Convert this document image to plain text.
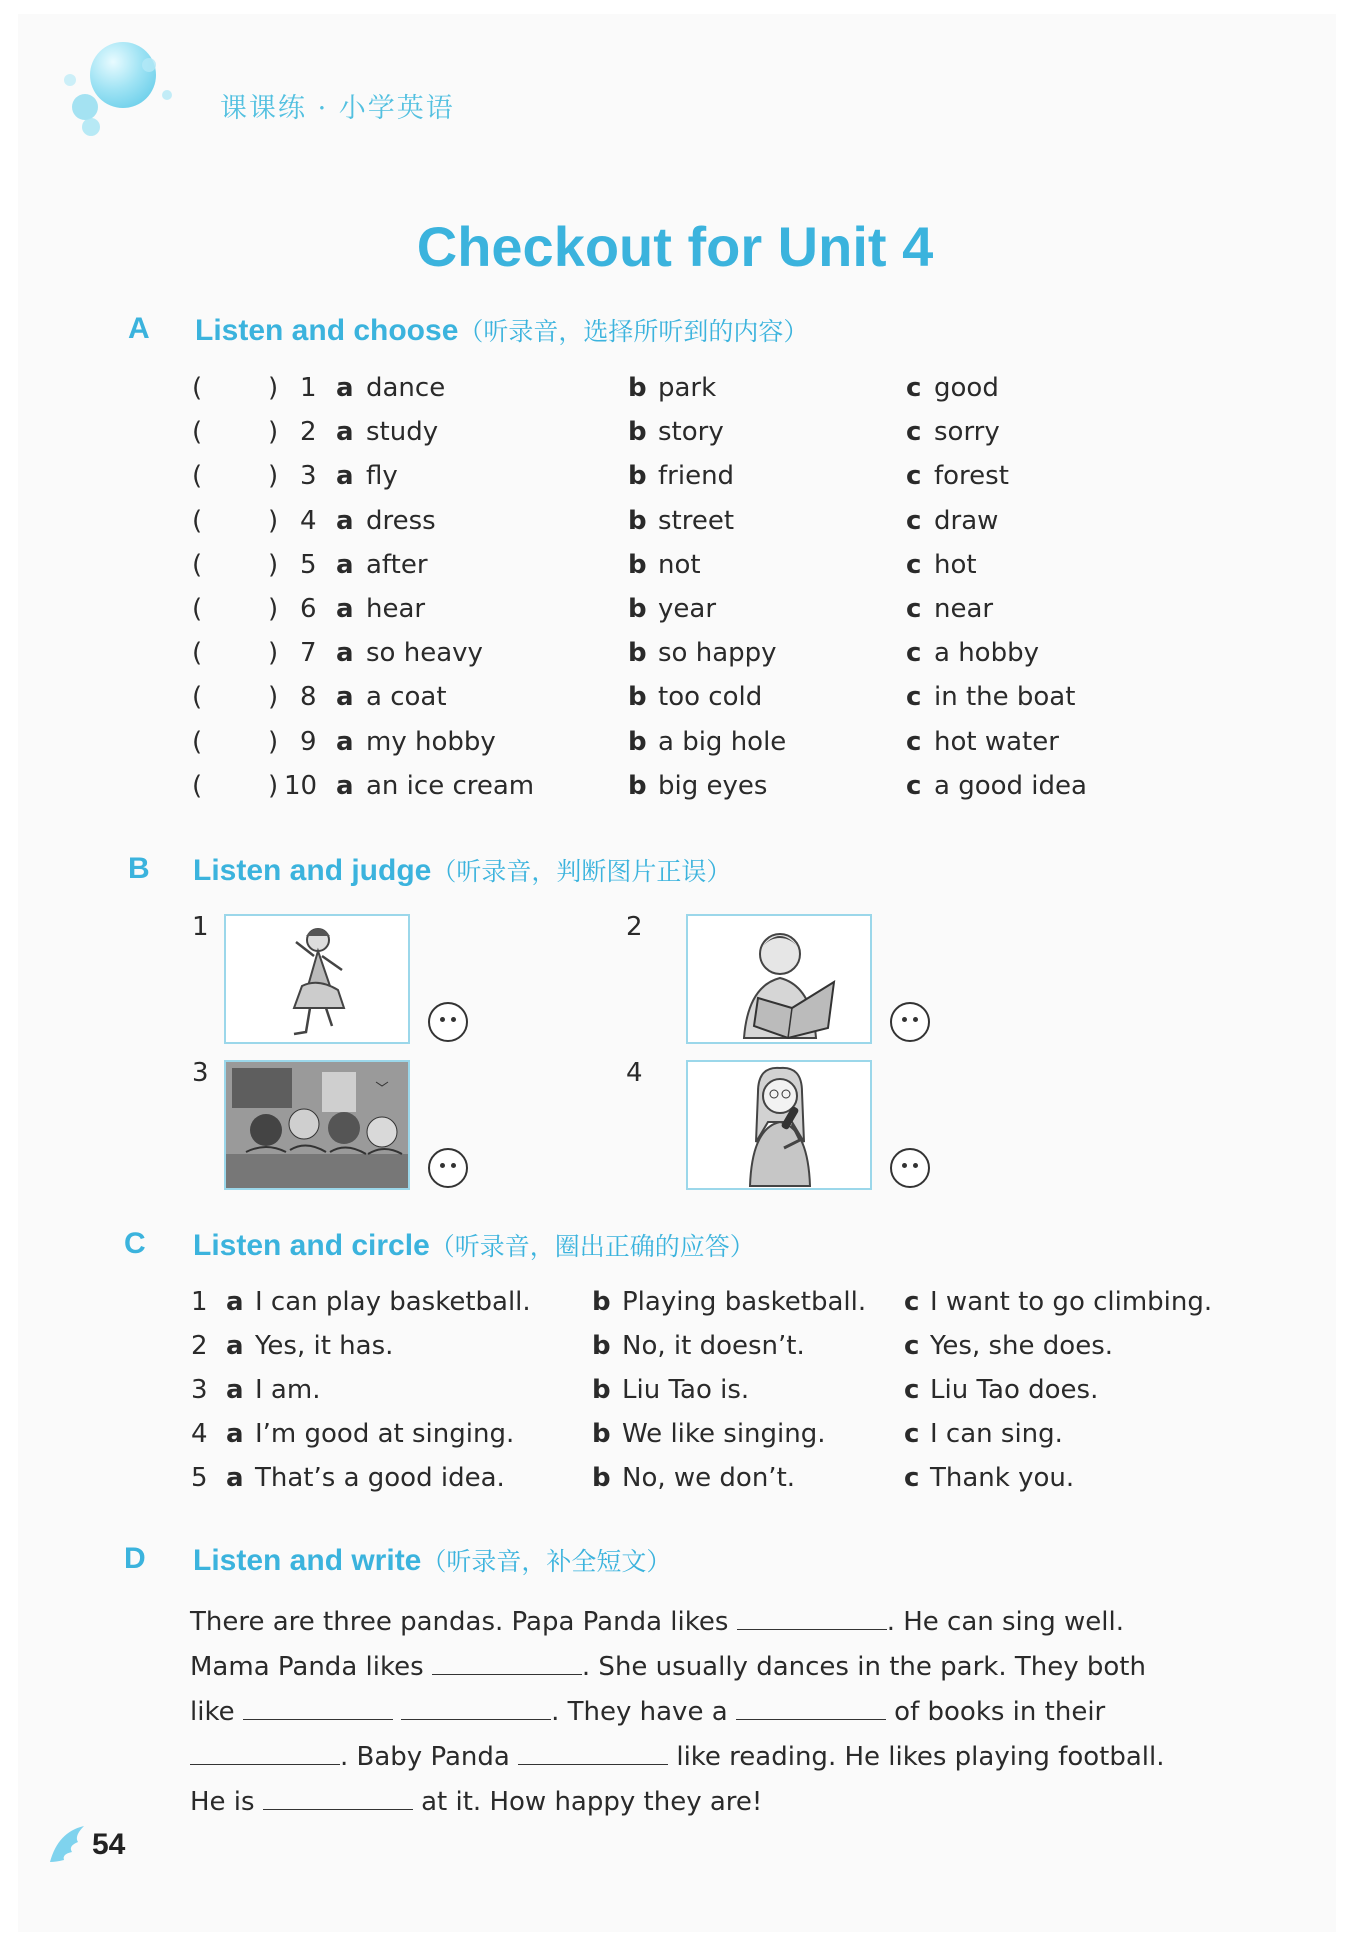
课课练 · 小学英语
Checkout for Unit 4
A Listen and choose（听录音，选择所听到的内容）
(	) 1 a dance	b park	c good
(	) 2 a study	b story	c sorry
(	) 3 a fly	b friend	c forest
(	) 4 a dress	b street	c draw
(	) 5 a after	b not	c hot
(	) 6 a hear	b year	c near
(	) 7 a so heavy	b so happy	c a hobby
(	) 8 a a coat	b too cold	c in the boat
(	) 9 a my hobby	b a big hole	c hot water
(	) 10 a an ice cream	b big eyes	c a good idea
B Listen and judge（听录音，判断图片正误）
1	2
3	4
C Listen and circle（听录音，圈出正确的应答）
1 a I can play basketball. b Playing basketball. c I want to go climbing.
2 a Yes, it has.	b No, it doesn’t.	c Yes, she does.
3 a I am.	b Liu Tao is.	c Liu Tao does.
4 a I’m good at singing.	b We like singing.	c I can sing.
5 a That’s a good idea.	b No, we don’t.	c Thank you.
D Listen and write（听录音，补全短文）

There are three pandas. Papa Panda likes	. He can sing well. Mama Panda likes	. She usually dances in the park. They both like	. They have a	of books in their . Baby Panda	like reading. He likes playing football. He is	at it. How happy they are!

54
